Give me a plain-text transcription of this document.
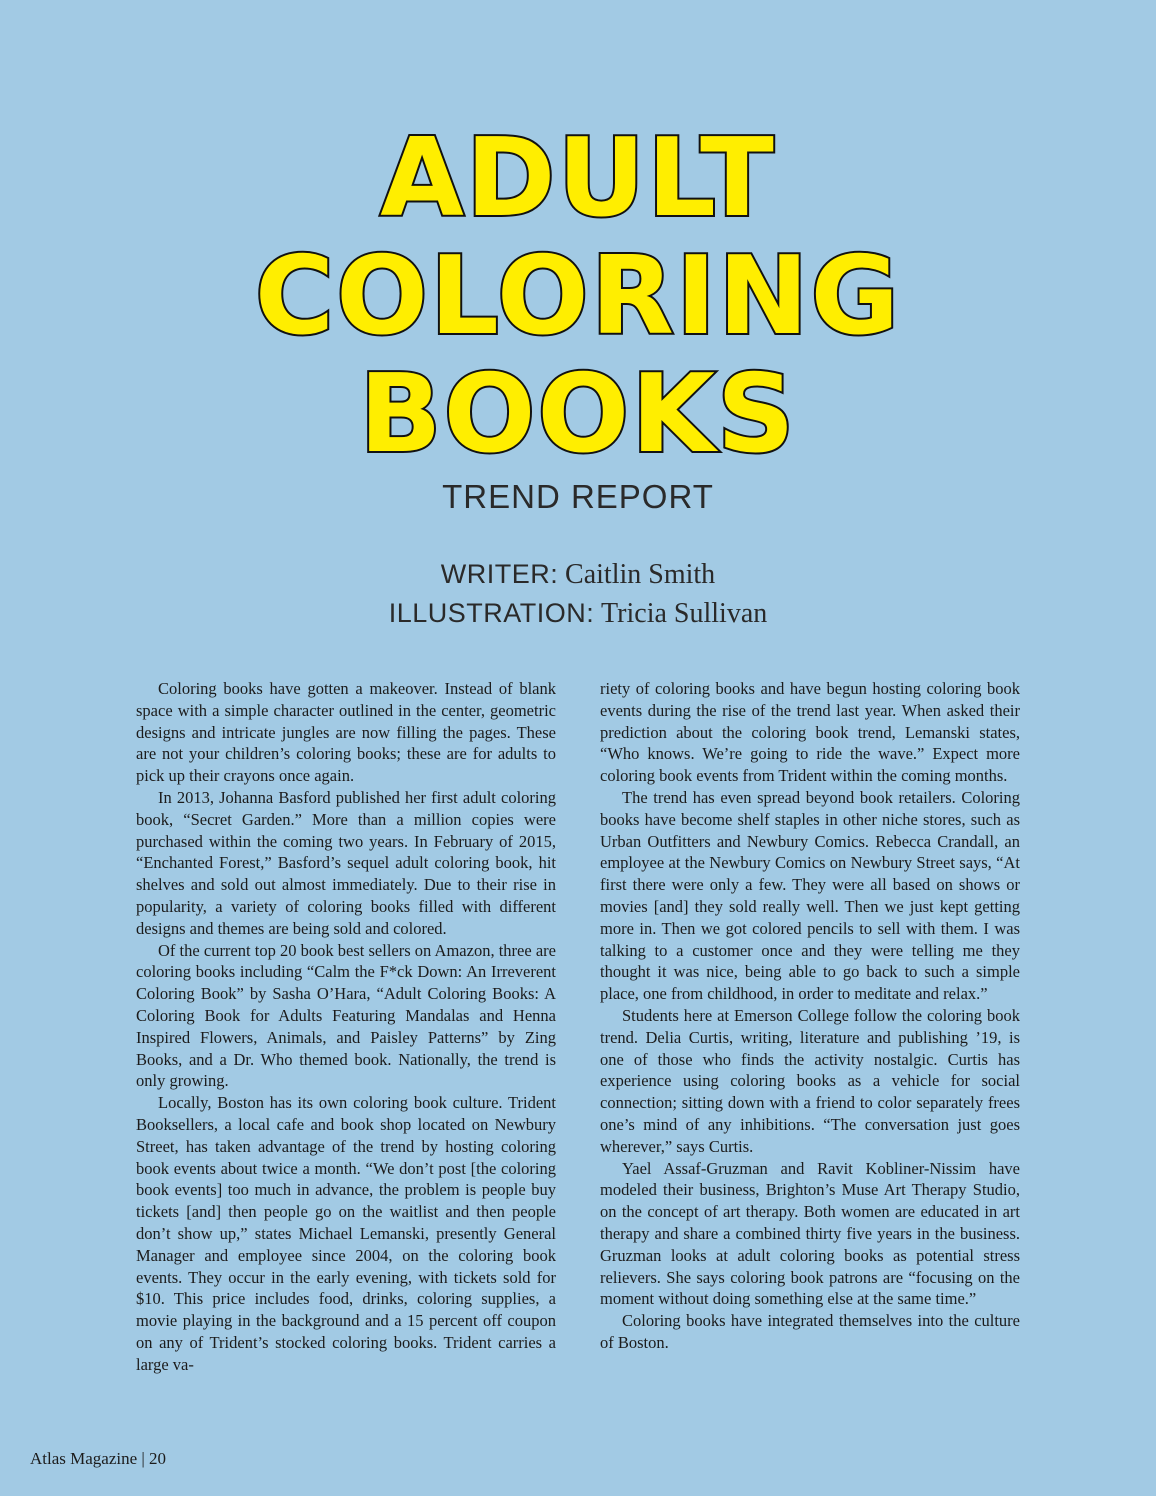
ADULT
COLORING
BOOKS
TREND REPORT
WRITER: Caitlin Smith
ILLUSTRATION: Tricia Sullivan

Coloring books have gotten a makeover. Instead of blank space with a simple character outlined in the center, geometric designs and intricate jungles are now filling the pages. These are not your children’s coloring books; these are for adults to pick up their crayons once again.

In 2013, Johanna Basford published her first adult coloring book, “Secret Garden.” More than a million copies were purchased within the coming two years. In February of 2015, “Enchanted Forest,” Basford’s sequel adult coloring book, hit shelves and sold out almost immediately. Due to their rise in popularity, a variety of coloring books filled with different designs and themes are being sold and colored.

Of the current top 20 book best sellers on Amazon, three are coloring books including “Calm the F*ck Down: An Irreverent Coloring Book” by Sasha O’Hara, “Adult Coloring Books: A Coloring Book for Adults Featuring Mandalas and Henna Inspired Flowers, Animals, and Paisley Patterns” by Zing Books, and a Dr. Who themed book. Nationally, the trend is only growing.

Locally, Boston has its own coloring book culture. Trident Booksellers, a local cafe and book shop located on Newbury Street, has taken advantage of the trend by hosting coloring book events about twice a month. “We don’t post [the coloring book events] too much in advance, the problem is people buy tickets [and] then people go on the waitlist and then people don’t show up,” states Michael Lemanski, presently General Manager and employee since 2004, on the coloring book events. They occur in the early evening, with tickets sold for $10. This price includes food, drinks, coloring supplies, a movie playing in the background and a 15 percent off coupon on any of Trident’s stocked coloring books. Trident carries a large va-

riety of coloring books and have begun hosting coloring book events during the rise of the trend last year. When asked their prediction about the coloring book trend, Lemanski states, “Who knows. We’re going to ride the wave.” Expect more coloring book events from Trident within the coming months.

The trend has even spread beyond book retailers. Coloring books have become shelf staples in other niche stores, such as Urban Outfitters and Newbury Comics. Rebecca Crandall, an employee at the Newbury Comics on Newbury Street says, “At first there were only a few. They were all based on shows or movies [and] they sold really well. Then we just kept getting more in. Then we got colored pencils to sell with them. I was talking to a customer once and they were telling me they thought it was nice, being able to go back to such a simple place, one from childhood, in order to meditate and relax.”

Students here at Emerson College follow the coloring book trend. Delia Curtis, writing, literature and publishing ’19, is one of those who finds the activity nostalgic. Curtis has experience using coloring books as a vehicle for social connection; sitting down with a friend to color separately frees one’s mind of any inhibitions. “The conversation just goes wherever,” says Curtis.

Yael Assaf-Gruzman and Ravit Kobliner-Nissim have modeled their business, Brighton’s Muse Art Therapy Studio, on the concept of art therapy. Both women are educated in art therapy and share a combined thirty five years in the business. Gruzman looks at adult coloring books as potential stress relievers. She says coloring book patrons are “focusing on the moment without doing something else at the same time.”

Coloring books have integrated themselves into the culture of Boston.

Atlas Magazine | 20
